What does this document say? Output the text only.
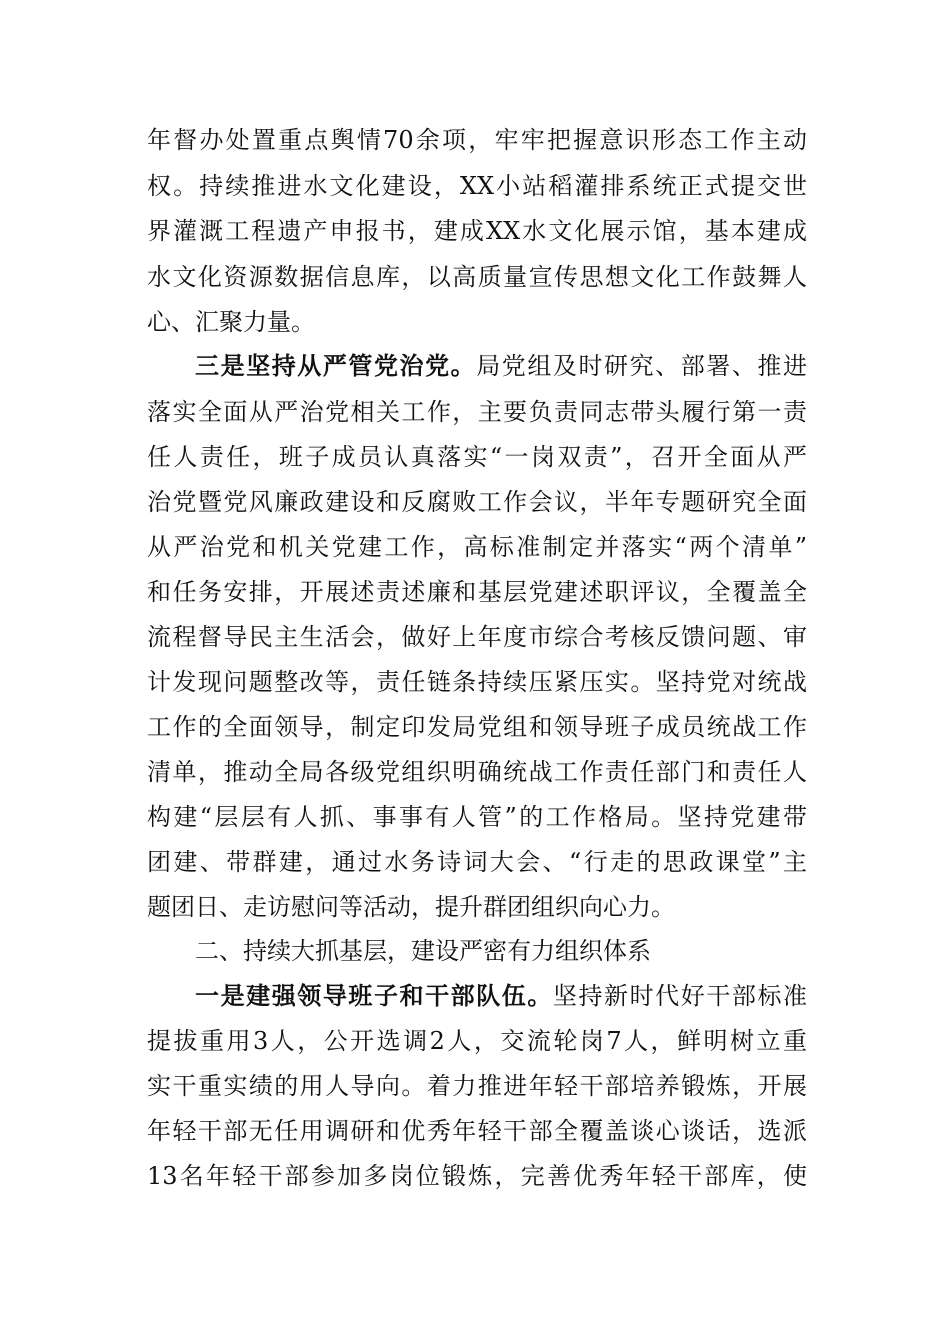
年督办处置重点舆情70余项，牢牢把握意识形态工作主动
权。持续推进水文化建设，XX小站稻灌排系统正式提交世
界灌溉工程遗产申报书，建成XX水文化展示馆，基本建成
水文化资源数据信息库，以高质量宣传思想文化工作鼓舞人
心、汇聚力量。
三是坚持从严管党治党。局党组及时研究、部署、推进
落实全面从严治党相关工作，主要负责同志带头履行第一责
任人责任，班子成员认真落实“一岗双责”，召开全面从严
治党暨党风廉政建设和反腐败工作会议，半年专题研究全面
从严治党和机关党建工作，高标准制定并落实“两个清单”
和任务安排，开展述责述廉和基层党建述职评议，全覆盖全
流程督导民主生活会，做好上年度市综合考核反馈问题、审
计发现问题整改等，责任链条持续压紧压实。坚持党对统战
工作的全面领导，制定印发局党组和领导班子成员统战工作
清单，推动全局各级党组织明确统战工作责任部门和责任人
构建“层层有人抓、事事有人管”的工作格局。坚持党建带
团建、带群建，通过水务诗词大会、“行走的思政课堂”主
题团日、走访慰问等活动，提升群团组织向心力。
二、持续大抓基层，建设严密有力组织体系
一是建强领导班子和干部队伍。坚持新时代好干部标准
提拔重用3人，公开选调2人，交流轮岗7人，鲜明树立重
实干重实绩的用人导向。着力推进年轻干部培养锻炼，开展
年轻干部无任用调研和优秀年轻干部全覆盖谈心谈话，选派
13名年轻干部参加多岗位锻炼，完善优秀年轻干部库，使
